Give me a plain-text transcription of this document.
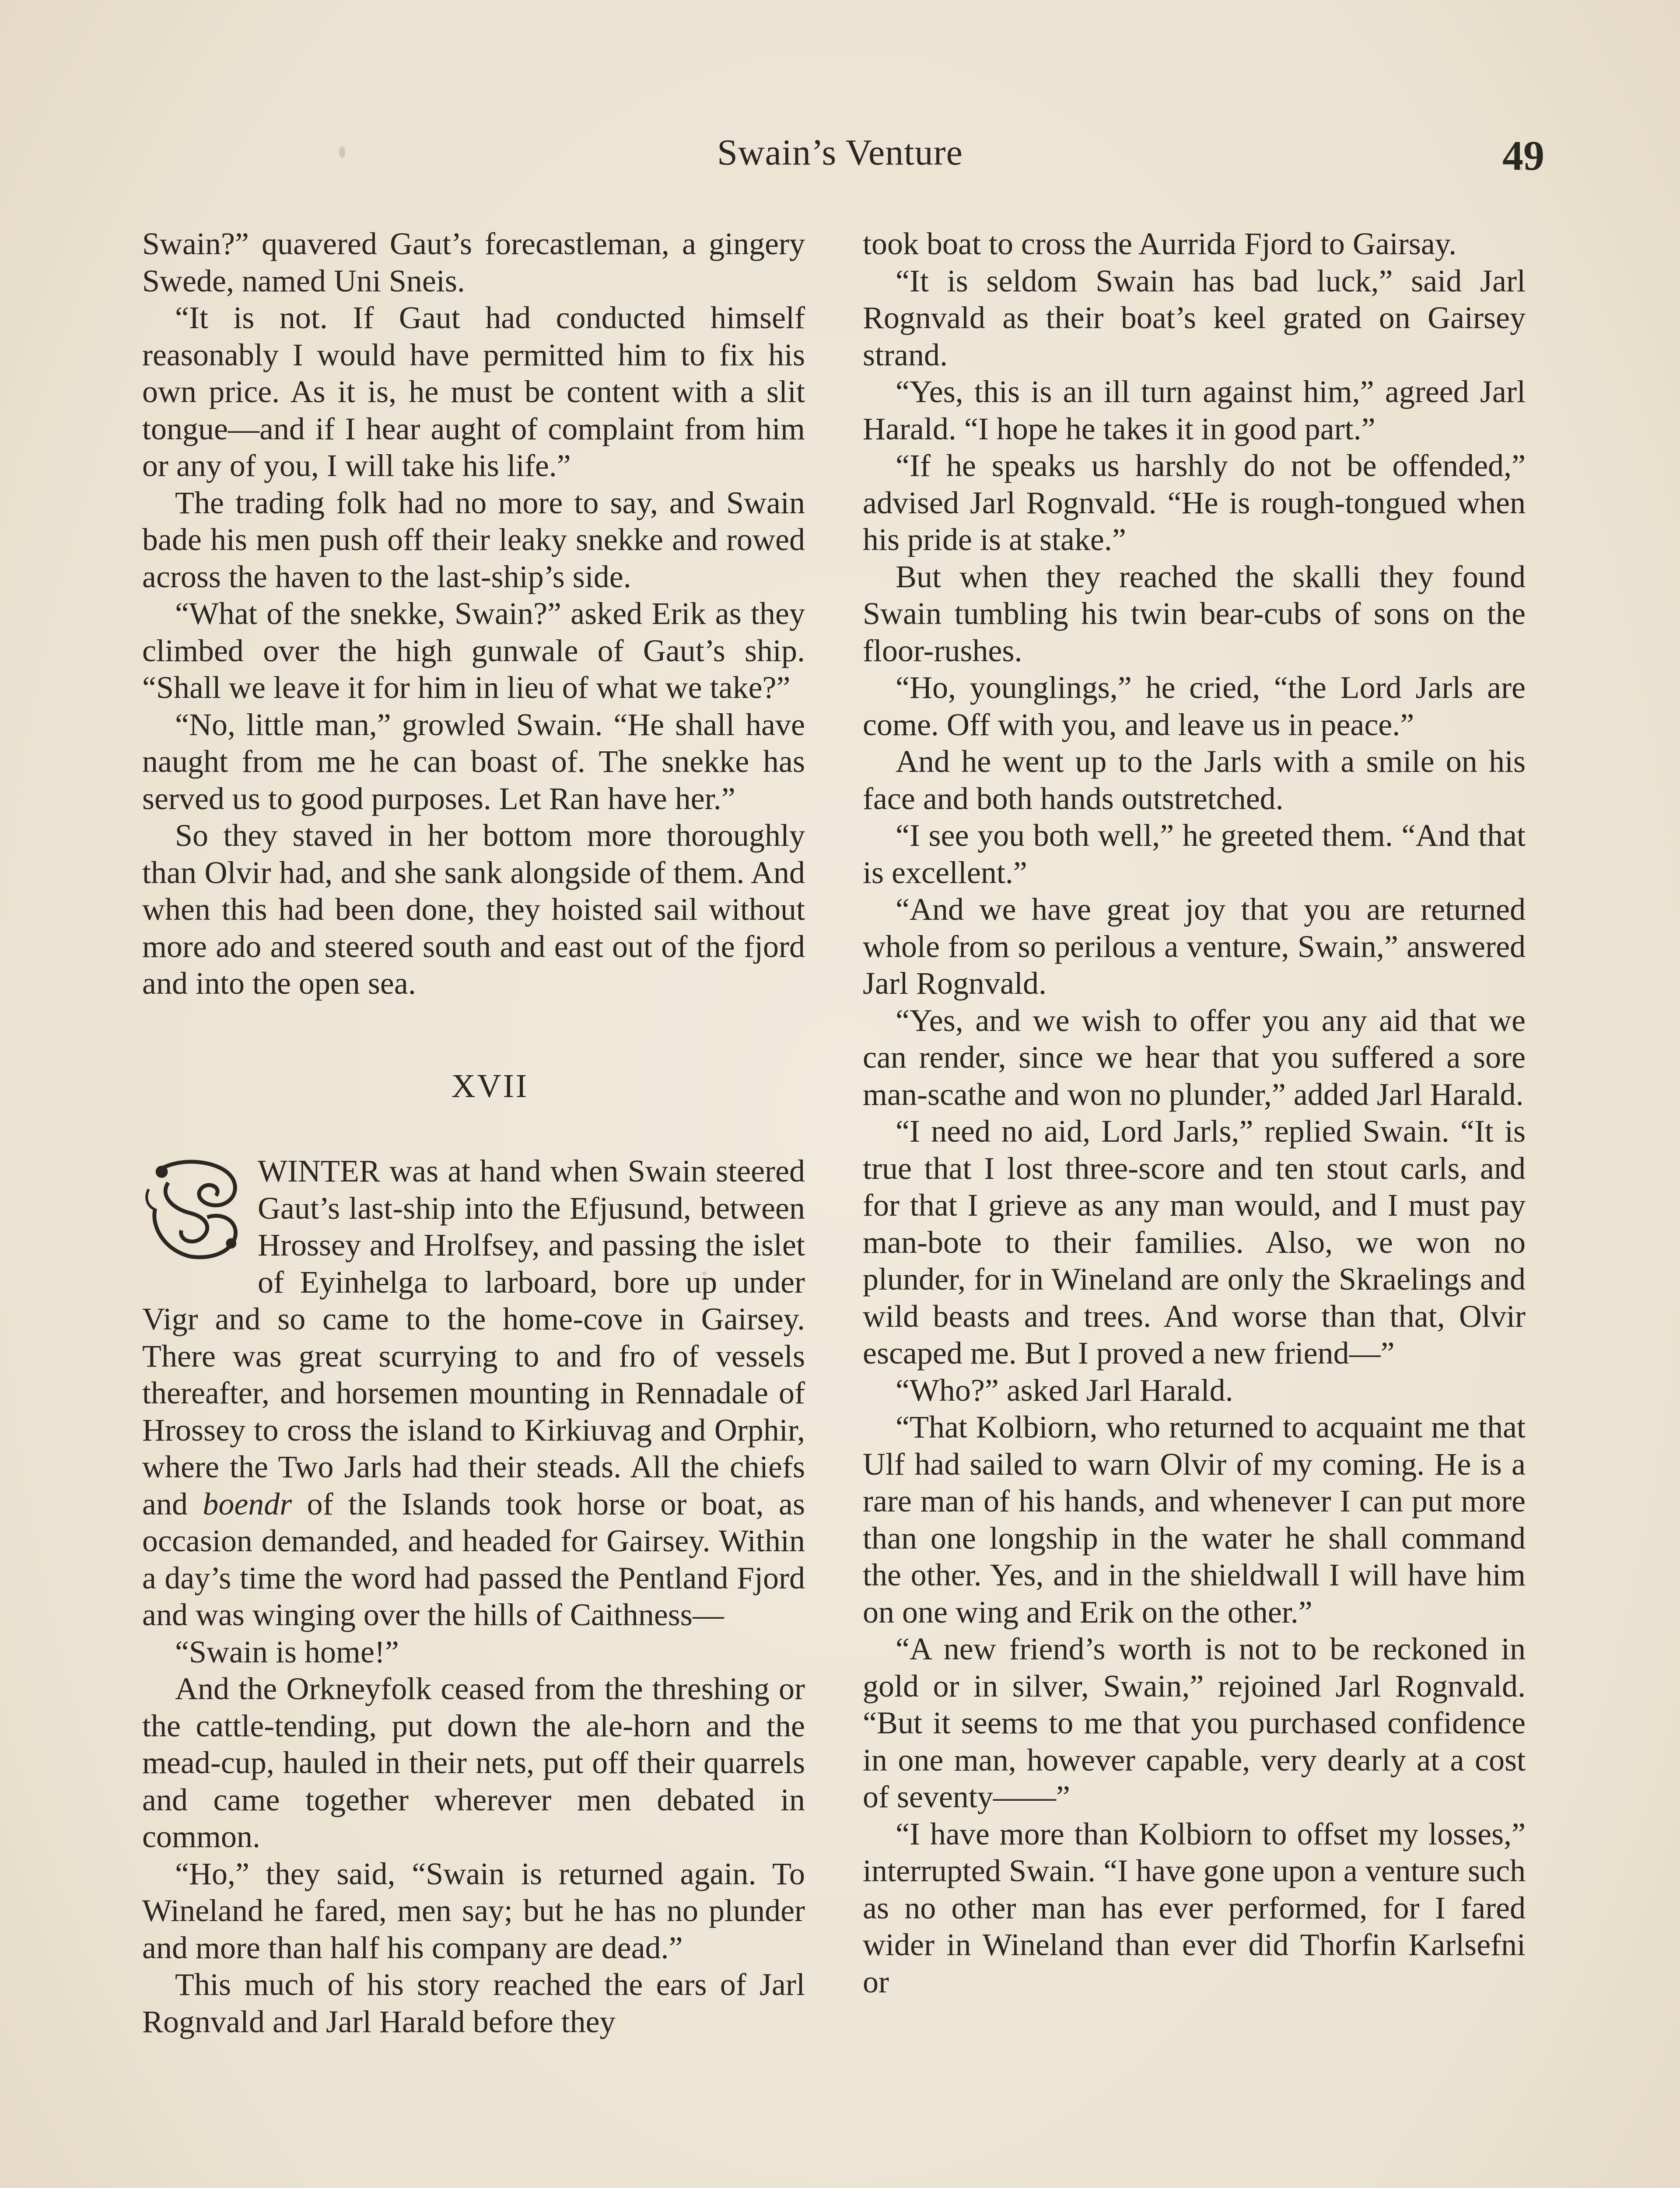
Swain’s Venture	49

Swain?” quavered Gaut’s forecastleman, a gingery Swede, named Uni Sneis.

“It is not. If Gaut had conducted himself reasonably I would have permitted him to fix his own price. As it is, he must be content with a slit tongue—and if I hear aught of complaint from him or any of you, I will take his life.”

The trading folk had no more to say, and Swain bade his men push off their leaky snekke and rowed across the haven to the last-ship’s side.

“What of the snekke, Swain?” asked Erik as they climbed over the high gunwale of Gaut’s ship. “Shall we leave it for him in lieu of what we take?”

“No, little man,” growled Swain. “He shall have naught from me he can boast of. The snekke has served us to good purposes. Let Ran have her.”

So they staved in her bottom more thoroughly than Olvir had, and she sank alongside of them. And when this had been done, they hoisted sail without more ado and steered south and east out of the fjord and into the open sea.

XVII

WINTER was at hand when Swain steered Gaut’s last-ship into the Efjusund, between Hrossey and Hrolfsey, and passing the islet of Eyinhelga to larboard, bore up under Vigr and so came to the home-cove in Gairsey. There was great scurrying to and fro of vessels thereafter, and horsemen mounting in Rennadale of Hrossey to cross the island to Kirkiuvag and Orphir, where the Two Jarls had their steads. All the chiefs and boendr of the Islands took horse or boat, as occasion demanded, and headed for Gairsey. Within a day’s time the word had passed the Pentland Fjord and was winging over the hills of Caithness—

“Swain is home!”

And the Orkneyfolk ceased from the threshing or the cattle-tending, put down the ale-horn and the mead-cup, hauled in their nets, put off their quarrels and came together wherever men debated in common.

“Ho,” they said, “Swain is returned again. To Wineland he fared, men say; but he has no plunder and more than half his company are dead.”

This much of his story reached the ears of Jarl Rognvald and Jarl Harald before they

took boat to cross the Aurrida Fjord to Gairsay.

“It is seldom Swain has bad luck,” said Jarl Rognvald as their boat’s keel grated on Gairsey strand.

“Yes, this is an ill turn against him,” agreed Jarl Harald. “I hope he takes it in good part.”

“If he speaks us harshly do not be offended,” advised Jarl Rognvald. “He is rough-tongued when his pride is at stake.”

But when they reached the skalli they found Swain tumbling his twin bear-cubs of sons on the floor-rushes.

“Ho, younglings,” he cried, “the Lord Jarls are come. Off with you, and leave us in peace.”

And he went up to the Jarls with a smile on his face and both hands outstretched.

“I see you both well,” he greeted them. “And that is excellent.”

“And we have great joy that you are returned whole from so perilous a venture, Swain,” answered Jarl Rognvald.

“Yes, and we wish to offer you any aid that we can render, since we hear that you suffered a sore man-scathe and won no plunder,” added Jarl Harald.

“I need no aid, Lord Jarls,” replied Swain. “It is true that I lost three-score and ten stout carls, and for that I grieve as any man would, and I must pay man-bote to their families. Also, we won no plunder, for in Wineland are only the Skraelings and wild beasts and trees. And worse than that, Olvir escaped me. But I proved a new friend—”

“Who?” asked Jarl Harald.

“That Kolbiorn, who returned to acquaint me that Ulf had sailed to warn Olvir of my coming. He is a rare man of his hands, and whenever I can put more than one longship in the water he shall command the other. Yes, and in the shieldwall I will have him on one wing and Erik on the other.”

“A new friend’s worth is not to be reckoned in gold or in silver, Swain,” rejoined Jarl Rognvald. “But it seems to me that you purchased confidence in one man, however capable, very dearly at a cost of seventy——”

“I have more than Kolbiorn to offset my losses,” interrupted Swain. “I have gone upon a venture such as no other man has ever performed, for I fared wider in Wineland than ever did Thorfin Karlsefni or
